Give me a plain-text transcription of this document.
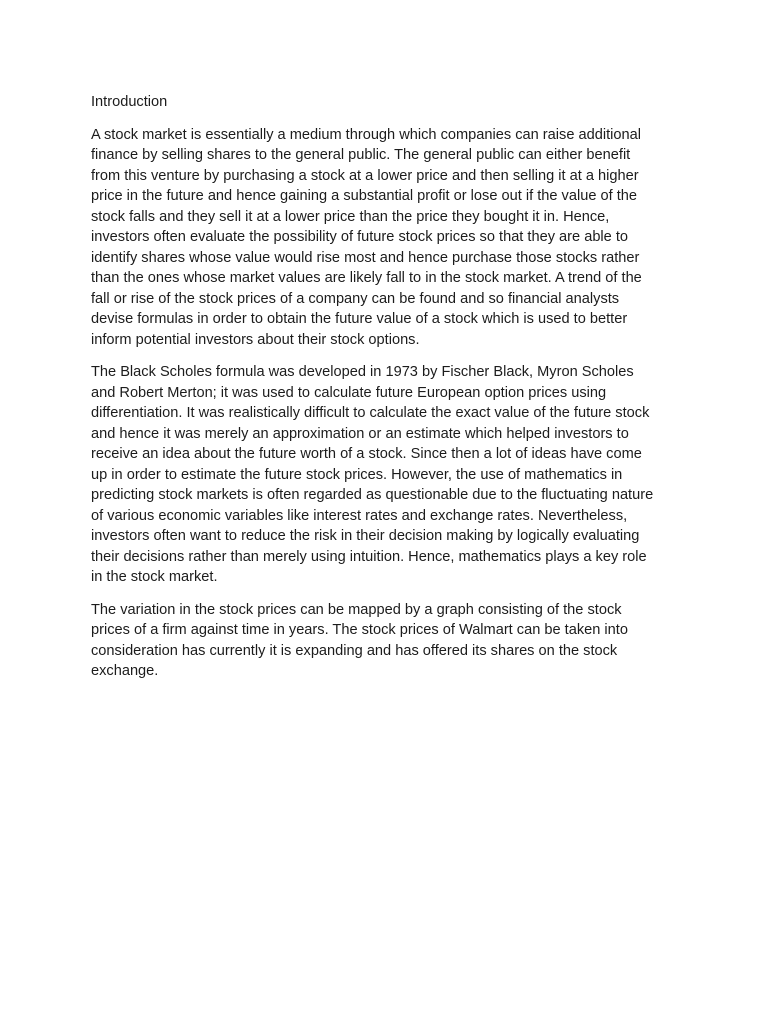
Introduction

A stock market is essentially a medium through which companies can raise additional
finance by selling shares to the general public. The general public can either benefit
from this venture by purchasing a stock at a lower price and then selling it at a higher
price in the future and hence gaining a substantial profit or lose out if the value of the
stock falls and they sell it at a lower price than the price they bought it in. Hence,
investors often evaluate the possibility of future stock prices so that they are able to
identify shares whose value would rise most and hence purchase those stocks rather
than the ones whose market values are likely fall to in the stock market. A trend of the
fall or rise of the stock prices of a company can be found and so financial analysts
devise formulas in order to obtain the future value of a stock which is used to better
inform potential investors about their stock options.

The Black Scholes formula was developed in 1973 by Fischer Black, Myron Scholes
and Robert Merton; it was used to calculate future European option prices using
differentiation. It was realistically difficult to calculate the exact value of the future stock
and hence it was merely an approximation or an estimate which helped investors to
receive an idea about the future worth of a stock. Since then a lot of ideas have come
up in order to estimate the future stock prices. However, the use of mathematics in
predicting stock markets is often regarded as questionable due to the fluctuating nature
of various economic variables like interest rates and exchange rates. Nevertheless,
investors often want to reduce the risk in their decision making by logically evaluating
their decisions rather than merely using intuition. Hence, mathematics plays a key role
in the stock market.

The variation in the stock prices can be mapped by a graph consisting of the stock
prices of a firm against time in years. The stock prices of Walmart can be taken into
consideration has currently it is expanding and has offered its shares on the stock
exchange.
